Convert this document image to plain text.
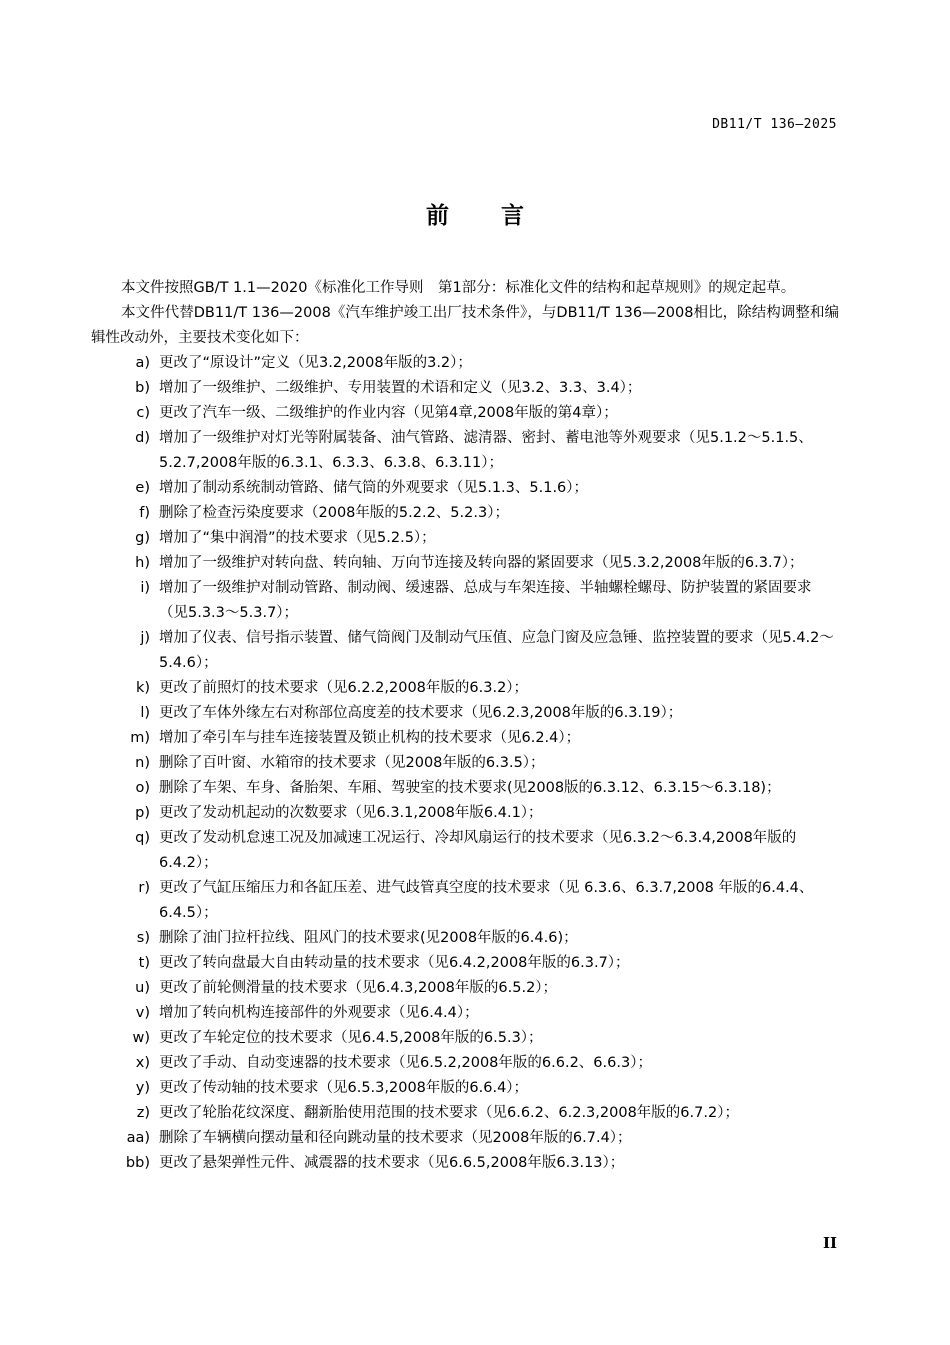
DB11/T 136—2025
前言
本文件按照GB/T 1.1—2020《标准化工作导则　第1部分：标准化文件的结构和起草规则》的规定起草。
本文件代替DB11/T 136—2008《汽车维护竣工出厂技术条件》，与DB11/T 136—2008相比，除结构调整和编辑性改动外，主要技术变化如下：
a) 更改了“原设计”定义（见3.2,2008年版的3.2）；
b) 增加了一级维护、二级维护、专用装置的术语和定义（见3.2、3.3、3.4）；
c) 更改了汽车一级、二级维护的作业内容（见第4章,2008年版的第4章）；
d) 增加了一级维护对灯光等附属装备、油气管路、滤清器、密封、蓄电池等外观要求（见5.1.2～5.1.5、5.2.7,2008年版的6.3.1、6.3.3、6.3.8、6.3.11）；
e) 增加了制动系统制动管路、储气筒的外观要求（见5.1.3、5.1.6）；
f) 删除了检查污染度要求（2008年版的5.2.2、5.2.3）；
g) 增加了“集中润滑”的技术要求（见5.2.5）；
h) 增加了一级维护对转向盘、转向轴、万向节连接及转向器的紧固要求（见5.3.2,2008年版的6.3.7）；
i) 增加了一级维护对制动管路、制动阀、缓速器、总成与车架连接、半轴螺栓螺母、防护装置的紧固要求（见5.3.3～5.3.7）；
j) 增加了仪表、信号指示装置、储气筒阀门及制动气压值、应急门窗及应急锤、监控装置的要求（见5.4.2～5.4.6）；
k) 更改了前照灯的技术要求（见6.2.2,2008年版的6.3.2）；
l) 更改了车体外缘左右对称部位高度差的技术要求（见6.2.3,2008年版的6.3.19）；
m) 增加了牵引车与挂车连接装置及锁止机构的技术要求（见6.2.4）；
n) 删除了百叶窗、水箱帘的技术要求（见2008年版的6.3.5）；
o) 删除了车架、车身、备胎架、车厢、驾驶室的技术要求(见2008版的6.3.12、6.3.15～6.3.18)；
p) 更改了发动机起动的次数要求（见6.3.1,2008年版6.4.1）；
q) 更改了发动机怠速工况及加减速工况运行、冷却风扇运行的技术要求（见6.3.2～6.3.4,2008年版的6.4.2）；
r) 更改了气缸压缩压力和各缸压差、进气歧管真空度的技术要求（见 6.3.6、6.3.7,2008 年版的6.4.4、6.4.5）；
s) 删除了油门拉杆拉线、阻风门的技术要求(见2008年版的6.4.6)；
t) 更改了转向盘最大自由转动量的技术要求（见6.4.2,2008年版的6.3.7）；
u) 更改了前轮侧滑量的技术要求（见6.4.3,2008年版的6.5.2）；
v) 增加了转向机构连接部件的外观要求（见6.4.4）；
w) 更改了车轮定位的技术要求（见6.4.5,2008年版的6.5.3）；
x) 更改了手动、自动变速器的技术要求（见6.5.2,2008年版的6.6.2、6.6.3）；
y) 更改了传动轴的技术要求（见6.5.3,2008年版的6.6.4）；
z) 更改了轮胎花纹深度、翻新胎使用范围的技术要求（见6.6.2、6.2.3,2008年版的6.7.2）；
aa) 删除了车辆横向摆动量和径向跳动量的技术要求（见2008年版的6.7.4）；
bb) 更改了悬架弹性元件、减震器的技术要求（见6.6.5,2008年版6.3.13）；
II
